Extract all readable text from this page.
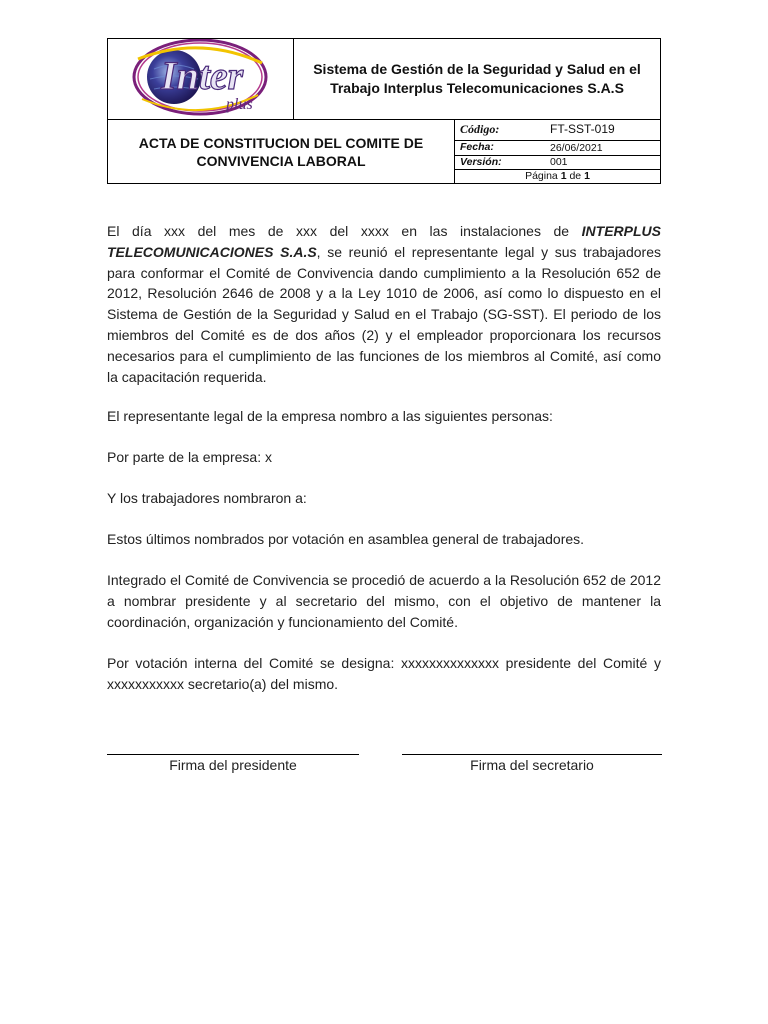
Inter
plus
Sistema de Gestión de la Seguridad y Salud en el Trabajo Interplus Telecomunicaciones S.A.S
ACTA DE CONSTITUCION DEL COMITE DE CONVIVENCIA LABORAL
Código:	FT-SST-019
Fecha:	26/06/2021
Versión:	001
Página 1 de 1
El día xxx del mes de xxx del xxxx en las instalaciones de INTERPLUS TELECOMUNICACIONES S.A.S, se reunió el representante legal y sus trabajadores para conformar el Comité de Convivencia dando cumplimiento a la Resolución 652 de 2012, Resolución 2646 de 2008 y a la Ley 1010 de 2006, así como lo dispuesto en el Sistema de Gestión de la Seguridad y Salud en el Trabajo (SG-SST). El periodo de los miembros del Comité es de dos años (2) y el empleador proporcionara los recursos necesarios para el cumplimiento de las funciones de los miembros al Comité, así como la capacitación requerida.
El representante legal de la empresa nombro a las siguientes personas:
Por parte de la empresa: x
Y los trabajadores nombraron a:
Estos últimos nombrados por votación en asamblea general de trabajadores.
Integrado el Comité de Convivencia se procedió de acuerdo a la Resolución 652 de 2012 a nombrar presidente y al secretario del mismo, con el objetivo de mantener la coordinación, organización y funcionamiento del Comité.
Por votación interna del Comité se designa: xxxxxxxxxxxxxx presidente del Comité y xxxxxxxxxxx secretario(a) del mismo.
Firma del presidente	Firma del secretario
